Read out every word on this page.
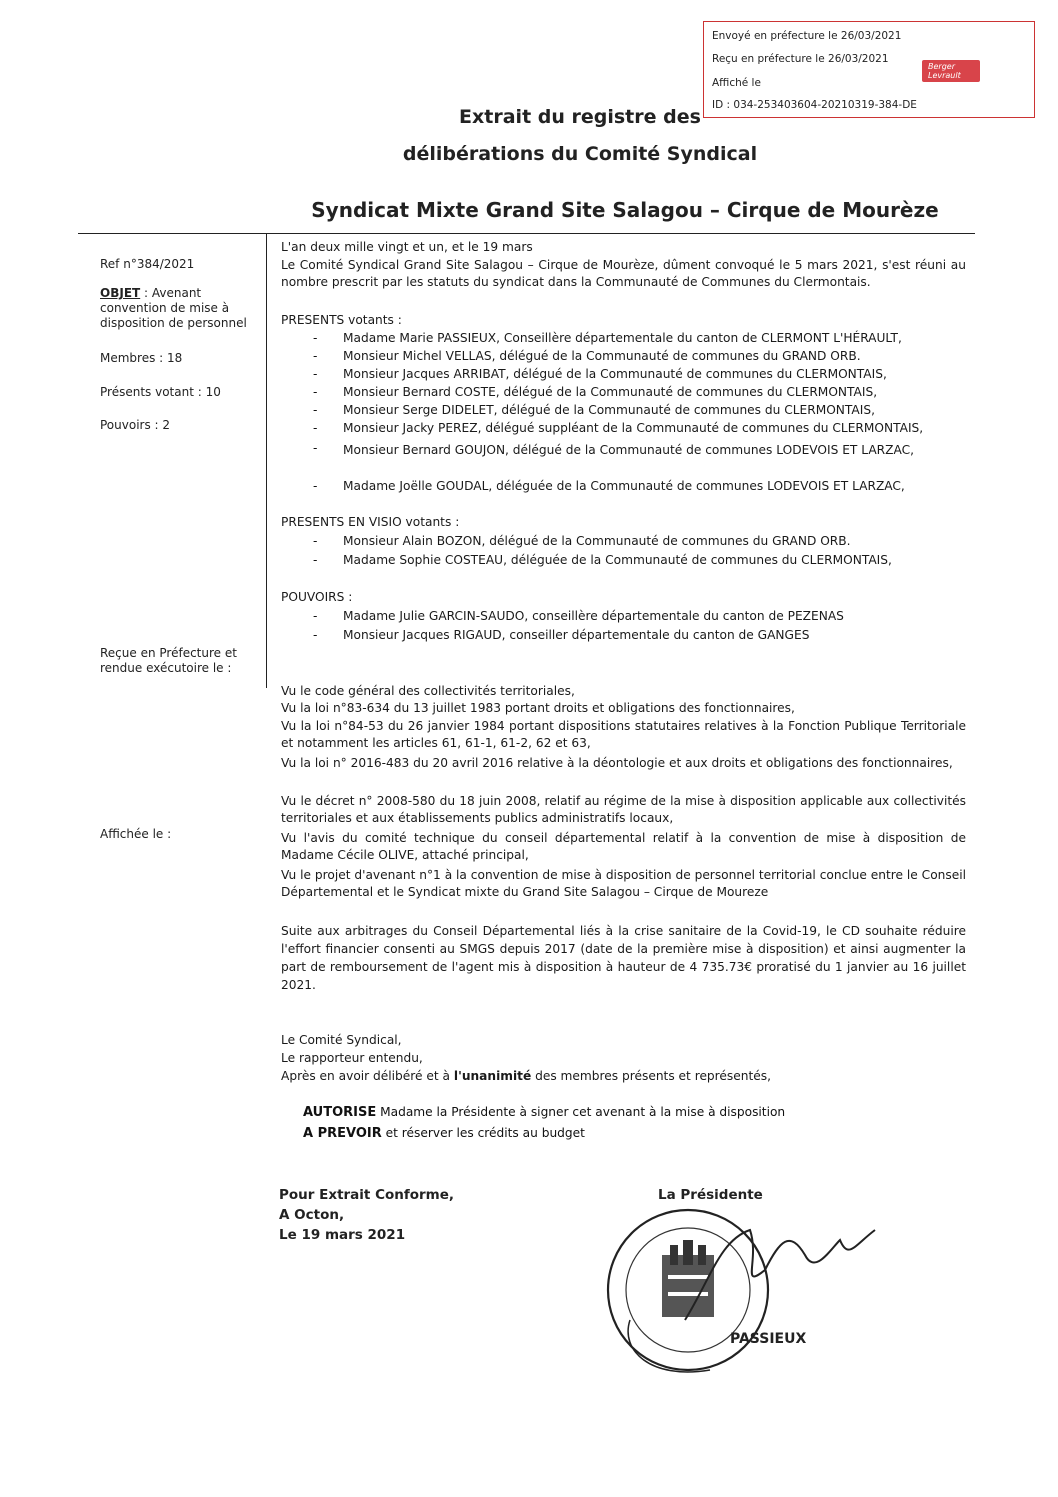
Envoyé en préfecture le 26/03/2021
Reçu en préfecture le 26/03/2021
Affiché le
ID : 034-253403604-20210319-384-DE
Berger Levrault
Extrait du registre des
délibérations du Comité Syndical
Syndicat Mixte Grand Site Salagou – Cirque de Mourèze
Ref n°384/2021
OBJET : Avenant convention de mise à disposition de personnel
Membres : 18
Présents votant : 10
Pouvoirs : 2
Reçue en Préfecture et rendue exécutoire le :
Affichée le :
L'an deux mille vingt et un, et le 19 mars
Le Comité Syndical Grand Site Salagou – Cirque de Mourèze, dûment convoqué le 5 mars 2021, s'est réuni au nombre prescrit par les statuts du syndicat dans la Communauté de Communes du Clermontais.
PRESENTS votants :
- Madame Marie PASSIEUX, Conseillère départementale du canton de CLERMONT L'HÉRAULT,
- Monsieur Michel VELLAS, délégué de la Communauté de communes du GRAND ORB.
- Monsieur Jacques ARRIBAT, délégué de la Communauté de communes du CLERMONTAIS,
- Monsieur Bernard COSTE, délégué de la Communauté de communes du CLERMONTAIS,
- Monsieur Serge DIDELET, délégué de la Communauté de communes du CLERMONTAIS,
- Monsieur Jacky PEREZ, délégué suppléant de la Communauté de communes du CLERMONTAIS,
- Monsieur Bernard GOUJON, délégué de la Communauté de communes LODEVOIS ET LARZAC,
- Madame Joëlle GOUDAL, déléguée de la Communauté de communes LODEVOIS ET LARZAC,
PRESENTS EN VISIO votants :
- Monsieur Alain BOZON, délégué de la Communauté de communes du GRAND ORB.
- Madame Sophie COSTEAU, déléguée de la Communauté de communes du CLERMONTAIS,
POUVOIRS :
- Madame Julie GARCIN-SAUDO, conseillère départementale du canton de PEZENAS
- Monsieur Jacques RIGAUD, conseiller départementale du canton de GANGES
Vu le code général des collectivités territoriales,
Vu la loi n°83-634 du 13 juillet 1983 portant droits et obligations des fonctionnaires,
Vu la loi n°84-53 du 26 janvier 1984 portant dispositions statutaires relatives à la Fonction Publique Territoriale et notamment les articles 61, 61-1, 61-2, 62 et 63,
Vu la loi n° 2016-483 du 20 avril 2016 relative à la déontologie et aux droits et obligations des fonctionnaires,
Vu le décret n° 2008-580 du 18 juin 2008, relatif au régime de la mise à disposition applicable aux collectivités territoriales et aux établissements publics administratifs locaux,
Vu l'avis du comité technique du conseil départemental relatif à la convention de mise à disposition de Madame Cécile OLIVE, attaché principal,
Vu le projet d'avenant n°1 à la convention de mise à disposition de personnel territorial conclue entre le Conseil Départemental et le Syndicat mixte du Grand Site Salagou – Cirque de Moureze
Suite aux arbitrages du Conseil Départemental liés à la crise sanitaire de la Covid-19, le CD souhaite réduire l'effort financier consenti au SMGS depuis 2017 (date de la première mise à disposition) et ainsi augmenter la part de remboursement de l'agent mis à disposition à hauteur de 4 735.73€ proratisé du 1 janvier au 16 juillet 2021.
Le Comité Syndical,
Le rapporteur entendu,
Après en avoir délibéré et à l'unanimité des membres présents et représentés,
AUTORISE Madame la Présidente à signer cet avenant à la mise à disposition
A PREVOIR et réserver les crédits au budget
Pour Extrait Conforme,
A Octon,
Le 19 mars 2021
La Présidente
PASSIEUX
